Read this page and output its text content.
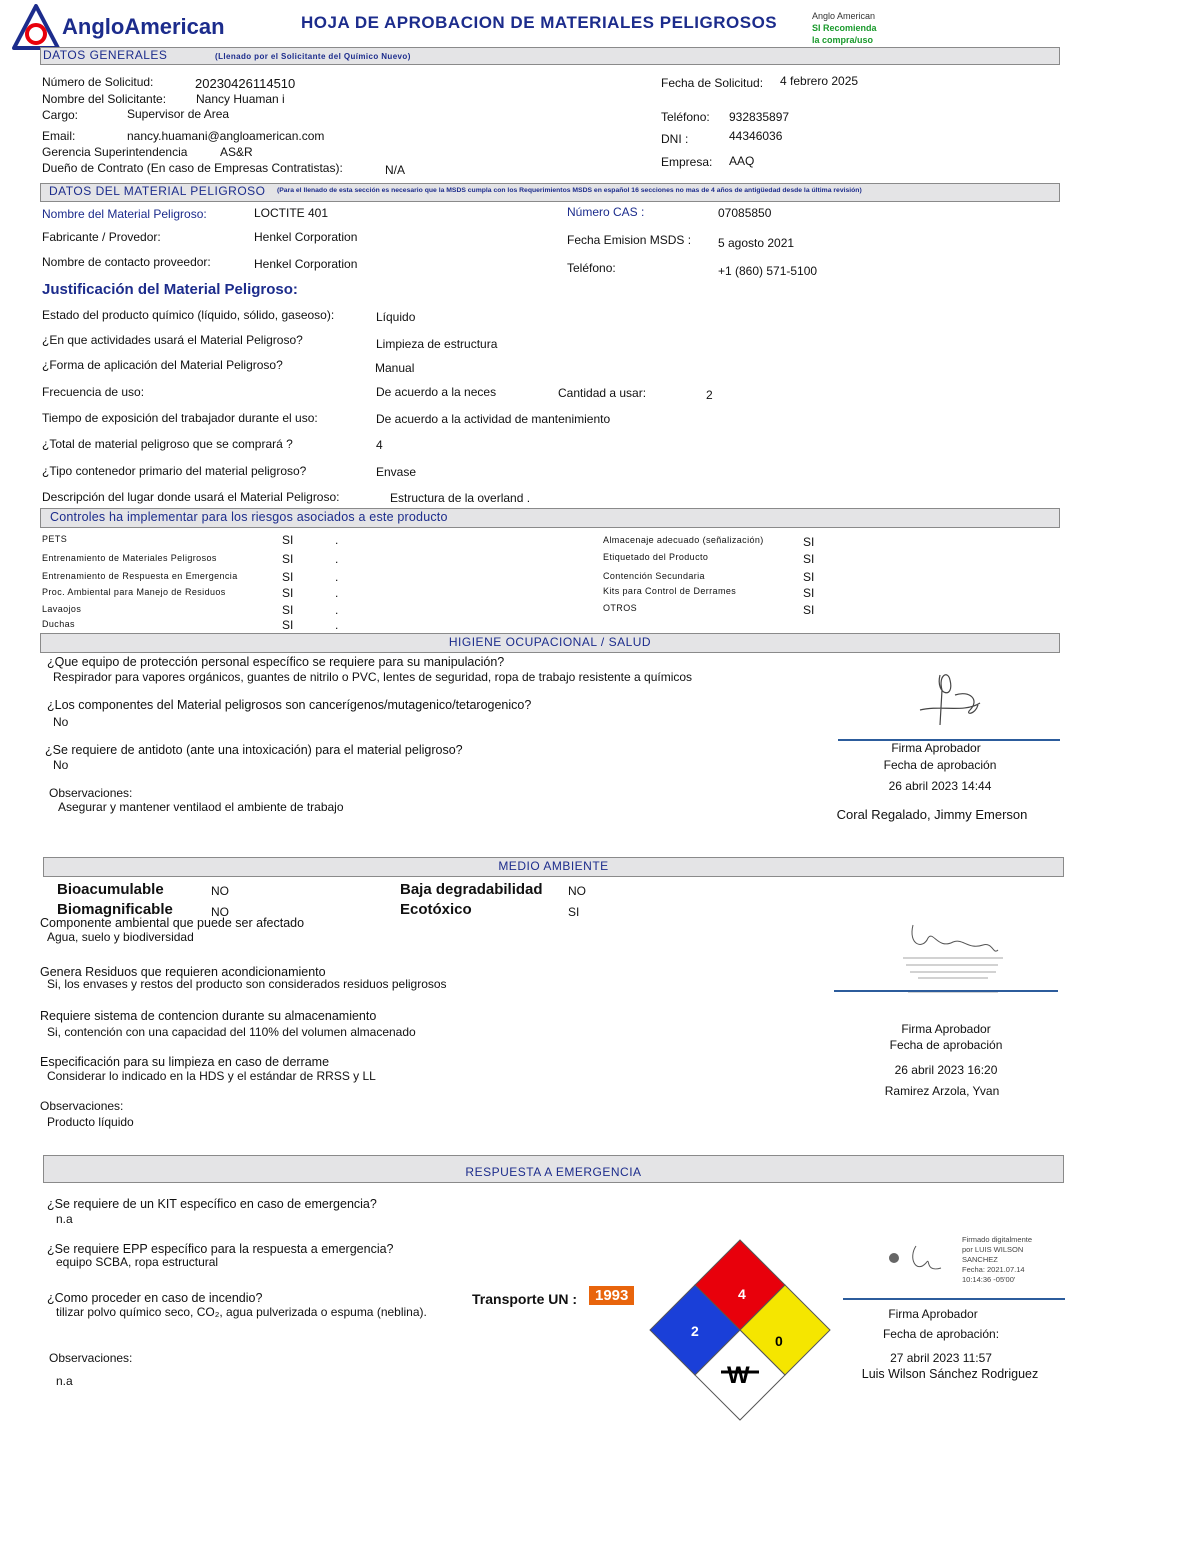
AngloAmerican	HOJA DE APROBACION DE MATERIALES PELIGROSOS	Anglo American
SI Recomienda
la compra/uso
DATOS GENERALES	(Llenado por el Solicitante del Químico Nuevo)
Número de Solicitud:	20230426114510
Nombre del Solicitante: Nancy Huaman i
Cargo:	Supervisor de Area
Email:	nancy.huamani@angloamerican.com
Gerencia Superintendencia	AS&R
Dueño de Contrato (En caso de Empresas Contratistas):	N/A
Fecha de Solicitud: 4 febrero 2025
Teléfono: 932835897
DNI :	44346036
Empresa: AAQ
DATOS DEL MATERIAL PELIGROSO (Para el llenado de esta sección es necesario que la MSDS cumpla con los Requerimientos MSDS en español 16 secciones no mas de 4 años de antigüedad desde la última revisión)
Nombre del Material Peligroso:	LOCTITE 401
Fabricante / Provedor:	Henkel Corporation
Nombre de contacto proveedor:	Henkel Corporation
Número CAS :	07085850
Fecha Emision MSDS : 5 agosto 2021
Teléfono:	+1 (860) 571-5100
Justificación del Material Peligroso:
Estado del producto químico (líquido, sólido, gaseoso):	Líquido
¿En que actividades usará el Material Peligroso?	Limpieza de estructura
¿Forma de aplicación del Material Peligroso?	Manual
Frecuencia de uso:	De acuerdo a la neces	Cantidad a usar:	2
Tiempo de exposición del trabajador durante el uso:	De acuerdo a la actividad de mantenimiento
¿Total de material peligroso que se comprará ?	4
¿Tipo contenedor primario del material peligroso?	Envase
Descripción del lugar donde usará el Material Peligroso:	Estructura de la overland .
Controles ha implementar para los riesgos asociados a este producto
PETS	SI	.
Entrenamiento de Materiales Peligrosos	SI	.
Entrenamiento de Respuesta en Emergencia	SI	.
Proc. Ambiental para Manejo de Residuos	SI	.
Lavaojos	SI	.
Duchas	SI	.
Almacenaje adecuado (señalización)	SI
Etiquetado del Producto	SI
Contención Secundaria	SI
Kits para Control de Derrames	SI
OTROS	SI
HIGIENE OCUPACIONAL / SALUD
¿Que equipo de protección personal específico se requiere para su manipulación?
Respirador para vapores orgánicos, guantes de nitrilo o PVC, lentes de seguridad, ropa de trabajo resistente a químicos
¿Los componentes del Material peligrosos son cancerígenos/mutagenico/tetarogenico?
No
¿Se requiere de antidoto (ante una intoxicación) para el material peligroso?
No
Observaciones:
Asegurar y mantener ventilaod el ambiente de trabajo
Firma Aprobador
Fecha de aprobación
26 abril 2023 14:44
Coral Regalado, Jimmy Emerson
MEDIO AMBIENTE
Bioacumulable	NO
Biomagnificable	NO
Baja degradabilidad NO
Ecotóxico	SI
Componente ambiental que puede ser afectado
Agua, suelo y biodiversidad
Genera Residuos que requieren acondicionamiento
Si, los envases y restos del producto son considerados residuos peligrosos
Requiere sistema de contencion durante su almacenamiento
Si, contención con una capacidad del 110% del volumen almacenado
Especificación para su limpieza en caso de derrame
Considerar lo indicado en la HDS y el estándar de RRSS y LL
Observaciones:
Producto líquido
Firma Aprobador
Fecha de aprobación
26 abril 2023 16:20
Ramirez Arzola, Yvan
RESPUESTA A EMERGENCIA
¿Se requiere de un KIT específico en caso de emergencia?
n.a
¿Se requiere EPP específico para la respuesta a emergencia?
equipo SCBA, ropa estructural
¿Como proceder en caso de incendio?
tilizar polvo químico seco, CO₂, agua pulverizada o espuma (neblina).
Observaciones:
n.a
Transporte UN :	1993	4
2
0
W
Firmado digitalmente
por LUIS WILSON
SANCHEZ
Fecha: 2021.07.14
10:14:36 -05'00'
Firma Aprobador
Fecha de aprobación:
27 abril 2023 11:57
Luis Wilson Sánchez Rodriguez
